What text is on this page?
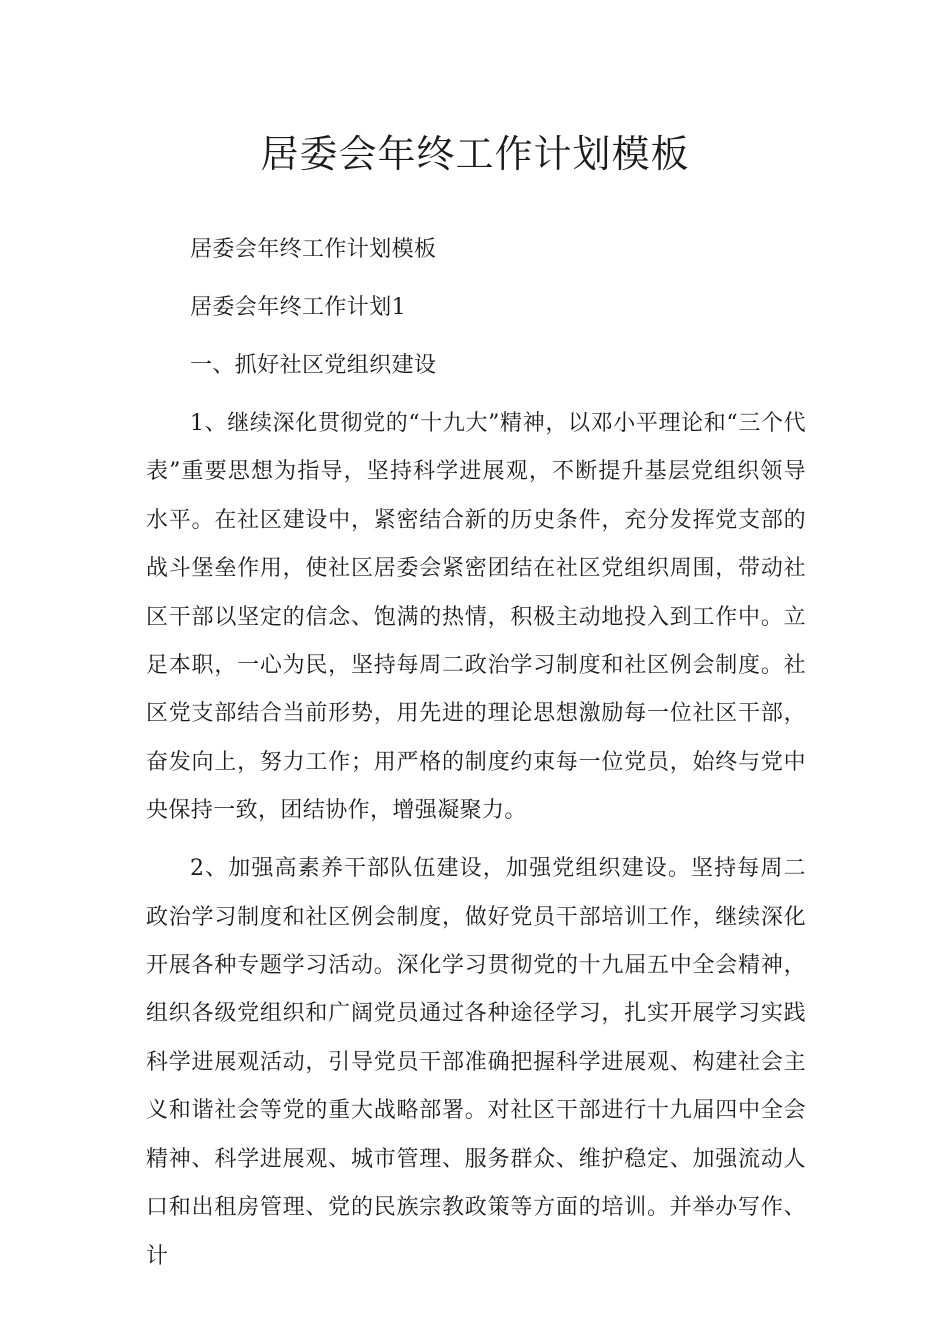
居委会年终工作计划模板

居委会年终工作计划模板

居委会年终工作计划1

一、抓好社区党组织建设

1、继续深化贯彻党的“十九大”精神，以邓小平理论和“三个代表”重要思想为指导，坚持科学进展观，不断提升基层党组织领导水平。在社区建设中，紧密结合新的历史条件，充分发挥党支部的战斗堡垒作用，使社区居委会紧密团结在社区党组织周围，带动社区干部以坚定的信念、饱满的热情，积极主动地投入到工作中。立足本职，一心为民，坚持每周二政治学习制度和社区例会制度。社区党支部结合当前形势，用先进的理论思想激励每一位社区干部，奋发向上，努力工作；用严格的制度约束每一位党员，始终与党中央保持一致，团结协作，增强凝聚力。

2、加强高素养干部队伍建设，加强党组织建设。坚持每周二政治学习制度和社区例会制度，做好党员干部培训工作，继续深化开展各种专题学习活动。深化学习贯彻党的十九届五中全会精神，组织各级党组织和广阔党员通过各种途径学习，扎实开展学习实践科学进展观活动，引导党员干部准确把握科学进展观、构建社会主义和谐社会等党的重大战略部署。对社区干部进行十九届四中全会精神、科学进展观、城市管理、服务群众、维护稳定、加强流动人口和出租房管理、党的民族宗教政策等方面的培训。并举办写作、计
